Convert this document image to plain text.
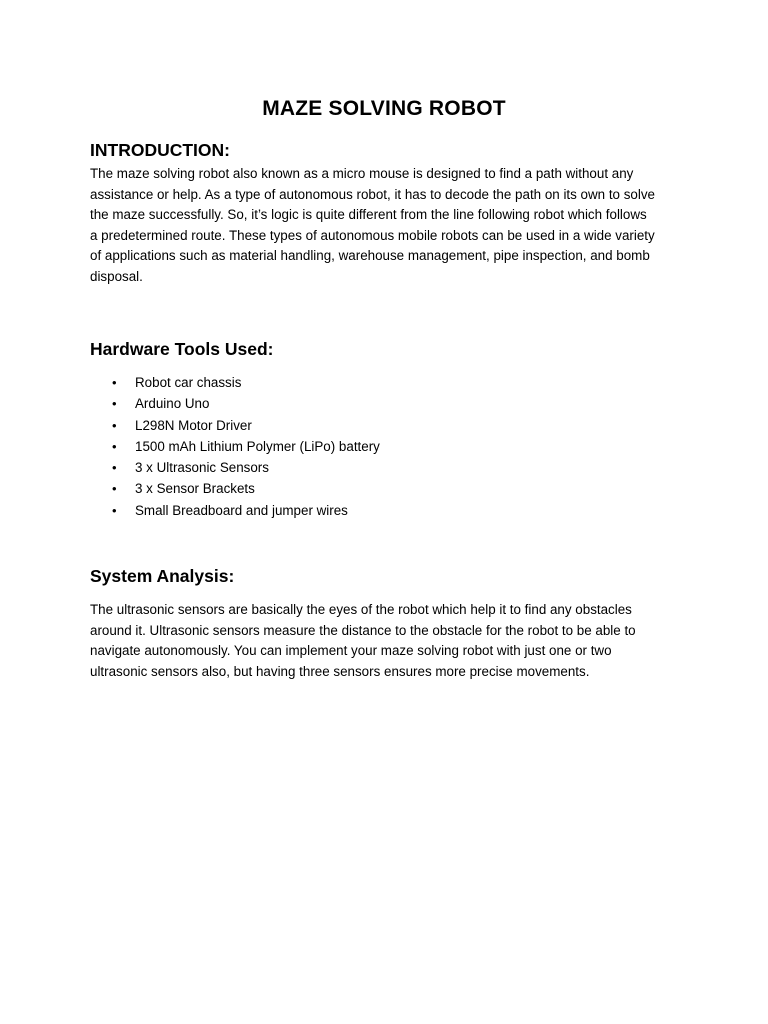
MAZE SOLVING ROBOT
INTRODUCTION:

The maze solving robot also known as a micro mouse is designed to find a path without any
assistance or help. As a type of autonomous robot, it has to decode the path on its own to solve
the maze successfully. So, it’s logic is quite different from the line following robot which follows
a predetermined route. These types of autonomous mobile robots can be used in a wide variety
of applications such as material handling, warehouse management, pipe inspection, and bomb
disposal.

Hardware Tools Used:
• Robot car chassis
• Arduino Uno
• L298N Motor Driver
• 1500 mAh Lithium Polymer (LiPo) battery
• 3 x Ultrasonic Sensors
• 3 x Sensor Brackets
• Small Breadboard and jumper wires
System Analysis:

The ultrasonic sensors are basically the eyes of the robot which help it to find any obstacles
around it. Ultrasonic sensors measure the distance to the obstacle for the robot to be able to
navigate autonomously. You can implement your maze solving robot with just one or two
ultrasonic sensors also, but having three sensors ensures more precise movements.
